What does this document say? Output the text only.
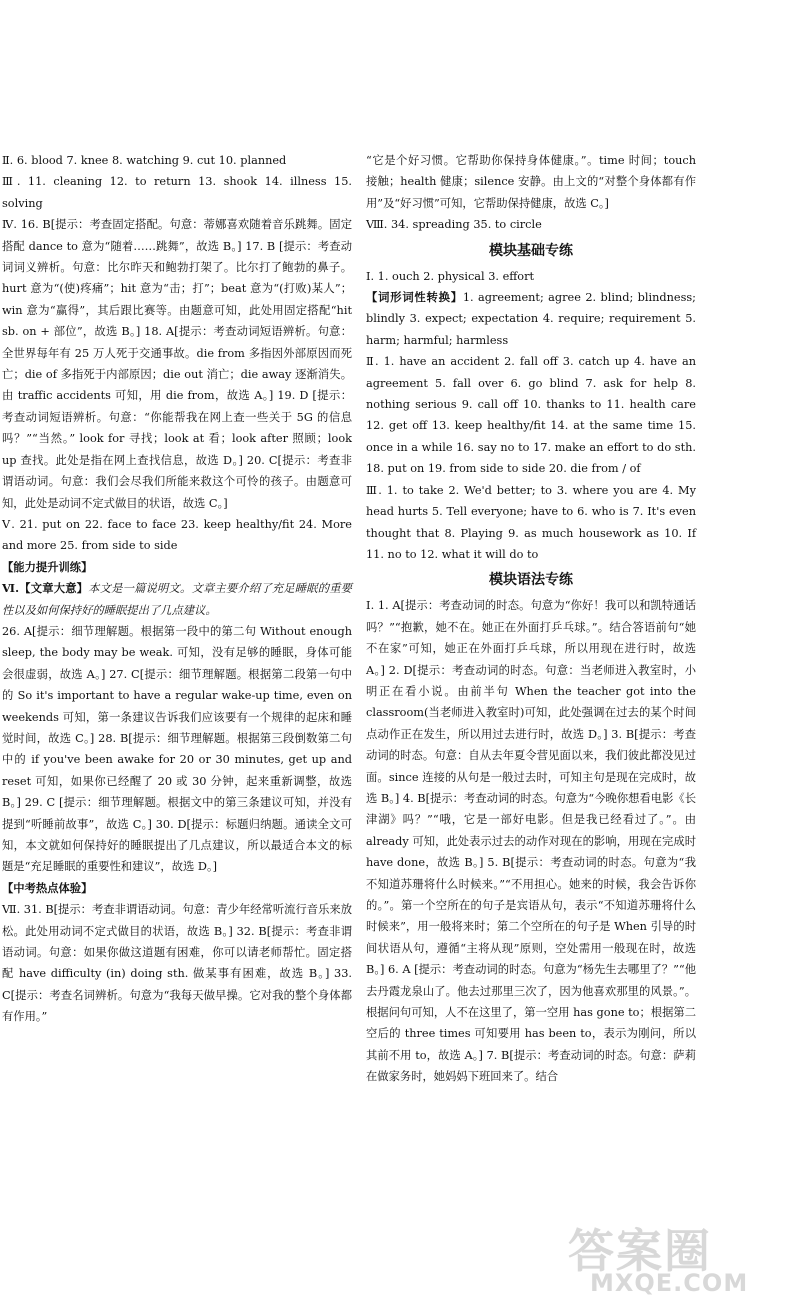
Ⅱ. 6. blood 7. knee 8. watching 9. cut 10. planned

Ⅲ. 11. cleaning 12. to return 13. shook 14. illness 15. solving

Ⅳ. 16. B[提示：考查固定搭配。句意：蒂娜喜欢随着音乐跳舞。固定搭配 dance to 意为“随着……跳舞”，故选 B。] 17. B [提示：考查动词词义辨析。句意：比尔昨天和鲍勃打架了。比尔打了鲍勃的鼻子。hurt 意为“(使)疼痛”；hit 意为“击；打”；beat 意为“(打败)某人”；win 意为“赢得”，其后跟比赛等。由题意可知，此处用固定搭配“hit sb. on + 部位”，故选 B。] 18. A[提示：考查动词短语辨析。句意：全世界每年有 25 万人死于交通事故。die from 多指因外部原因而死亡；die of 多指死于内部原因；die out 消亡；die away 逐渐消失。由 traffic accidents 可知，用 die from，故选 A。] 19. D [提示：考查动词短语辨析。句意：“你能帮我在网上查一些关于 5G 的信息吗？”“当然。” look for 寻找；look at 看；look after 照顾；look up 查找。此处是指在网上查找信息，故选 D。] 20. C[提示：考查非谓语动词。句意：我们会尽我们所能来救这个可怜的孩子。由题意可知，此处是动词不定式做目的状语，故选 C。]

Ⅴ. 21. put on 22. face to face 23. keep healthy/fit 24. More and more 25. from side to side

【能力提升训练】

Ⅵ.【文章大意】本文是一篇说明文。文章主要介绍了充足睡眠的重要性以及如何保持好的睡眠提出了几点建议。

26. A[提示：细节理解题。根据第一段中的第二句 Without enough sleep, the body may be weak. 可知，没有足够的睡眠，身体可能会很虚弱，故选 A。] 27. C[提示：细节理解题。根据第二段第一句中的 So it's important to have a regular wake-up time, even on weekends 可知，第一条建议告诉我们应该要有一个规律的起床和睡觉时间，故选 C。] 28. B[提示：细节理解题。根据第三段倒数第二句中的 if you've been awake for 20 or 30 minutes, get up and reset 可知，如果你已经醒了 20 或 30 分钟，起来重新调整，故选 B。] 29. C [提示：细节理解题。根据文中的第三条建议可知，并没有提到“听睡前故事”，故选 C。] 30. D[提示：标题归纳题。通读全文可知，本文就如何保持好的睡眠提出了几点建议，所以最适合本文的标题是“充足睡眠的重要性和建议”，故选 D。]

【中考热点体验】

Ⅶ. 31. B[提示：考查非谓语动词。句意：青少年经常听流行音乐来放松。此处用动词不定式做目的状语，故选 B。] 32. B[提示：考查非谓语动词。句意：如果你做这道题有困难，你可以请老师帮忙。固定搭配 have difficulty (in) doing sth. 做某事有困难，故选 B。] 33. C[提示：考查名词辨析。句意为“我每天做早操。它对我的整个身体都有作用。”

“它是个好习惯。它帮助你保持身体健康。”。time 时间；touch 接触；health 健康；silence 安静。由上文的“对整个身体都有作用”及“好习惯”可知，它帮助保持健康，故选 C。]

Ⅷ. 34. spreading 35. to circle

模块基础专练

Ⅰ. 1. ouch 2. physical 3. effort

【词形词性转换】1. agreement; agree 2. blind; blindness; blindly 3. expect; expectation 4. require; requirement 5. harm; harmful; harmless

Ⅱ. 1. have an accident 2. fall off 3. catch up 4. have an agreement 5. fall over 6. go blind 7. ask for help 8. nothing serious 9. call off 10. thanks to 11. health care 12. get off 13. keep healthy/fit 14. at the same time 15. once in a while 16. say no to 17. make an effort to do sth. 18. put on 19. from side to side 20. die from / of

Ⅲ. 1. to take 2. We'd better; to 3. where you are 4. My head hurts 5. Tell everyone; have to 6. who is 7. It's even thought that 8. Playing 9. as much housework as 10. If 11. no to 12. what it will do to

模块语法专练

Ⅰ. 1. A[提示：考查动词的时态。句意为“你好！我可以和凯特通话吗？”“抱歉，她不在。她正在外面打乒乓球。”。结合答语前句“她不在家”可知，她正在外面打乒乓球，所以用现在进行时，故选 A。] 2. D[提示：考查动词的时态。句意：当老师进入教室时，小明正在看小说。由前半句 When the teacher got into the classroom(当老师进入教室时)可知，此处强调在过去的某个时间点动作正在发生，所以用过去进行时，故选 D。] 3. B[提示：考查动词的时态。句意：自从去年夏令营见面以来，我们彼此都没见过面。since 连接的从句是一般过去时，可知主句是现在完成时，故选 B。] 4. B[提示：考查动词的时态。句意为“今晚你想看电影《长津湖》吗？”“哦，它是一部好电影。但是我已经看过了。”。由 already 可知，此处表示过去的动作对现在的影响，用现在完成时 have done，故选 B。] 5. B[提示：考查动词的时态。句意为“我不知道苏珊将什么时候来。”“不用担心。她来的时候，我会告诉你的。”。第一个空所在的句子是宾语从句，表示“不知道苏珊将什么时候来”，用一般将来时；第二个空所在的句子是 When 引导的时间状语从句，遵循“主将从现”原则，空处需用一般现在时，故选 B。] 6. A [提示：考查动词的时态。句意为“杨先生去哪里了？”“他去丹霞龙泉山了。他去过那里三次了，因为他喜欢那里的风景。”。根据问句可知，人不在这里了，第一空用 has gone to；根据第二空后的 three times 可知要用 has been to，表示为刚问，所以其前不用 to，故选 A。] 7. B[提示：考查动词的时态。句意：萨莉在做家务时，她妈妈下班回来了。结合

答案圈
MXQE.COM
